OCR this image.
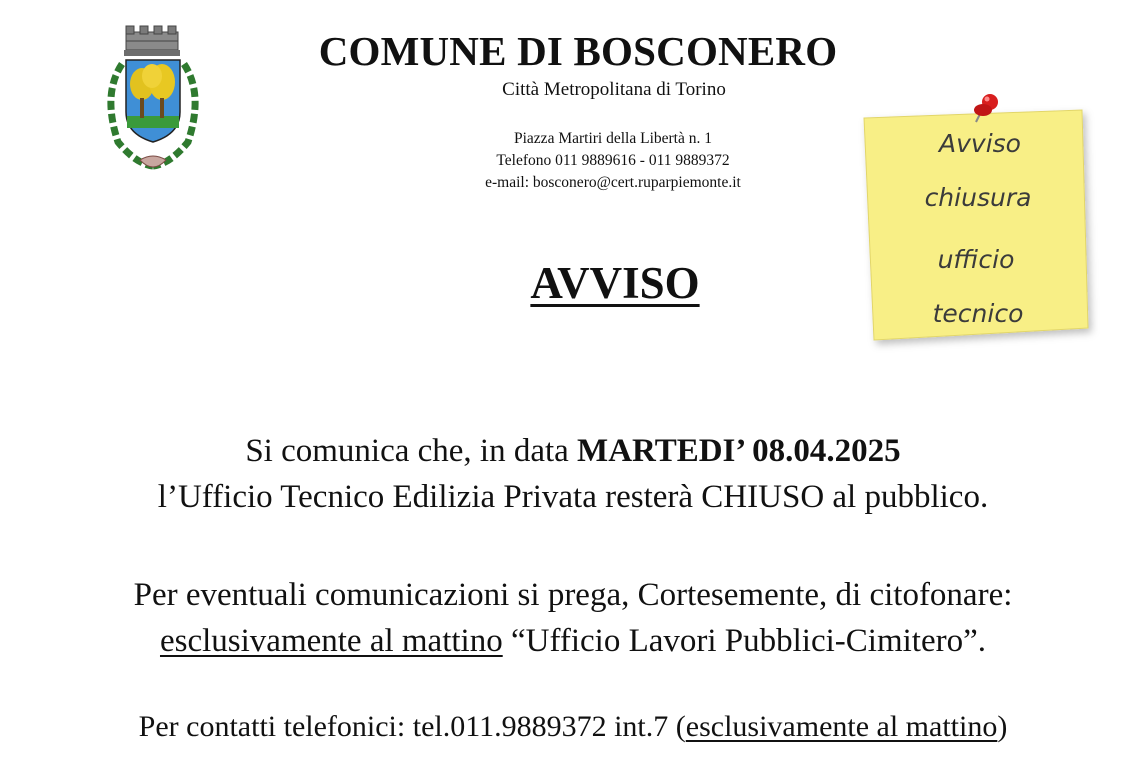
COMUNE DI BOSCONERO
Città Metropolitana di Torino
Piazza Martiri della Libertà n. 1
Telefono 011 9889616 - 011 9889372
e-mail: bosconero@cert.ruparpiemonte.it
AVVISO
Avviso
chiusura
ufficio
tecnico
Si comunica che, in data MARTEDI’ 08.04.2025
l’Ufficio Tecnico Edilizia Privata resterà CHIUSO al pubblico.
Per eventuali comunicazioni si prega, Cortesemente, di citofonare:
esclusivamente al mattino “Ufficio Lavori Pubblici-Cimitero”.
Per contatti telefonici: tel.011.9889372 int.7 (esclusivamente al mattino)
